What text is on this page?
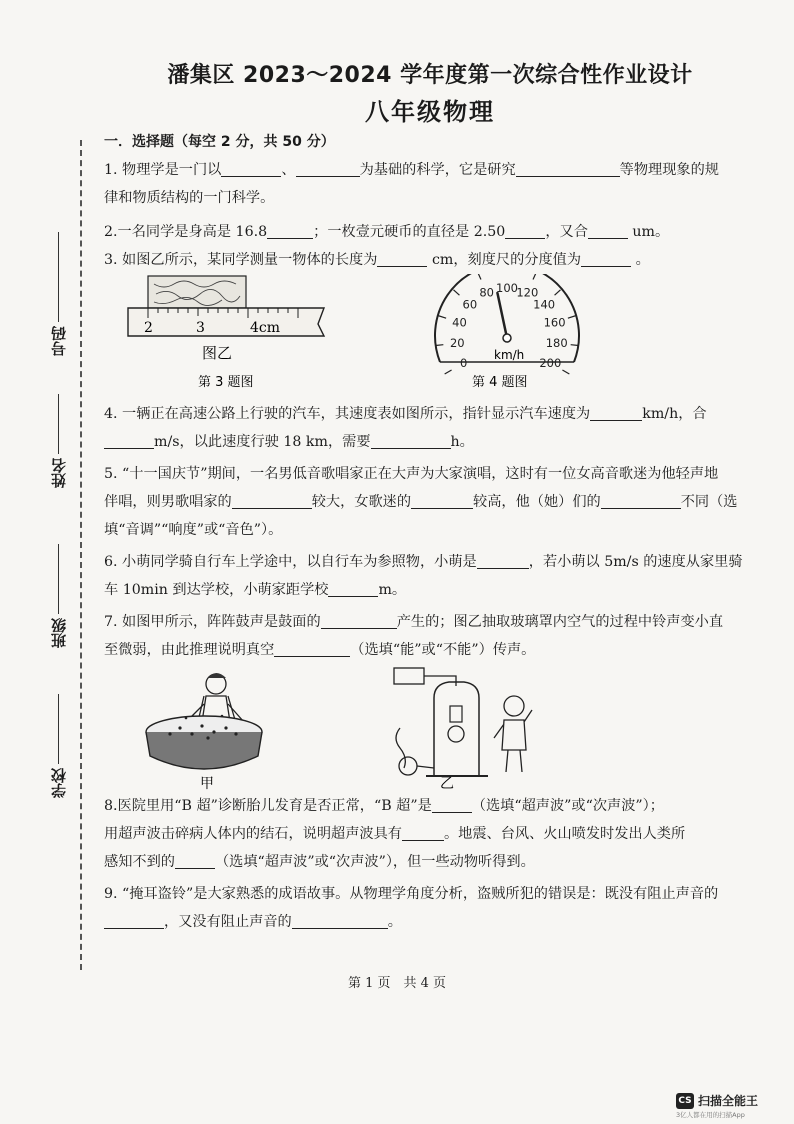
号码
姓名
班级
学校
潘集区 2023～2024 学年度第一次综合性作业设计
八年级物理

一．选择题（每空 2 分，共 50 分）

1. 物理学是一门以	、	为基础的科学，它是研究	等物理现象的规
律和物质结构的一门科学。

2.一名同学是身高是 16.8	；一枚壹元硬币的直径是 2.50	，又合	um。

3. 如图乙所示，某同学测量一物体的长度为	cm，刻度尺的分度值为	。

2	3	4cm
图乙
第 3 题图
0
20
40
60
80 100
120
140
160
180
200
km/h
第 4 题图

4. 一辆正在高速公路上行驶的汽车，其速度表如图所示，指针显示汽车速度为	km/h，合
m/s，以此速度行驶 18 km，需要	h。

5. “十一国庆节”期间，一名男低音歌唱家正在大声为大家演唱，这时有一位女高音歌迷为他轻声地
伴唱，则男歌唱家的	较大，女歌迷的	较高，他（她）们的	不同（选
填“音调”“响度”或“音色”）。

6. 小萌同学骑自行车上学途中，以自行车为参照物，小萌是	，若小萌以 5m/s 的速度从家里骑
车 10min 到达学校，小萌家距学校	m。

7. 如图甲所示，阵阵鼓声是鼓面的	产生的；图乙抽取玻璃罩内空气的过程中铃声变小直
至微弱，由此推理说明真空	（选填“能”或“不能”）传声。

甲	乙

8.医院里用“B 超”诊断胎儿发育是否正常，“B 超”是	（选填“超声波”或“次声波”）；
用超声波击碎病人体内的结石，说明超声波具有	。地震、台风、火山喷发时发出人类所
感知不到的	（选填“超声波”或“次声波”），但一些动物听得到。

9. “掩耳盗铃”是大家熟悉的成语故事。从物理学角度分析，盗贼所犯的错误是：既没有阻止声音的
，又没有阻止声音的	。

第 1 页　共 4 页
CS 扫描全能王
3亿人都在用的扫描App
